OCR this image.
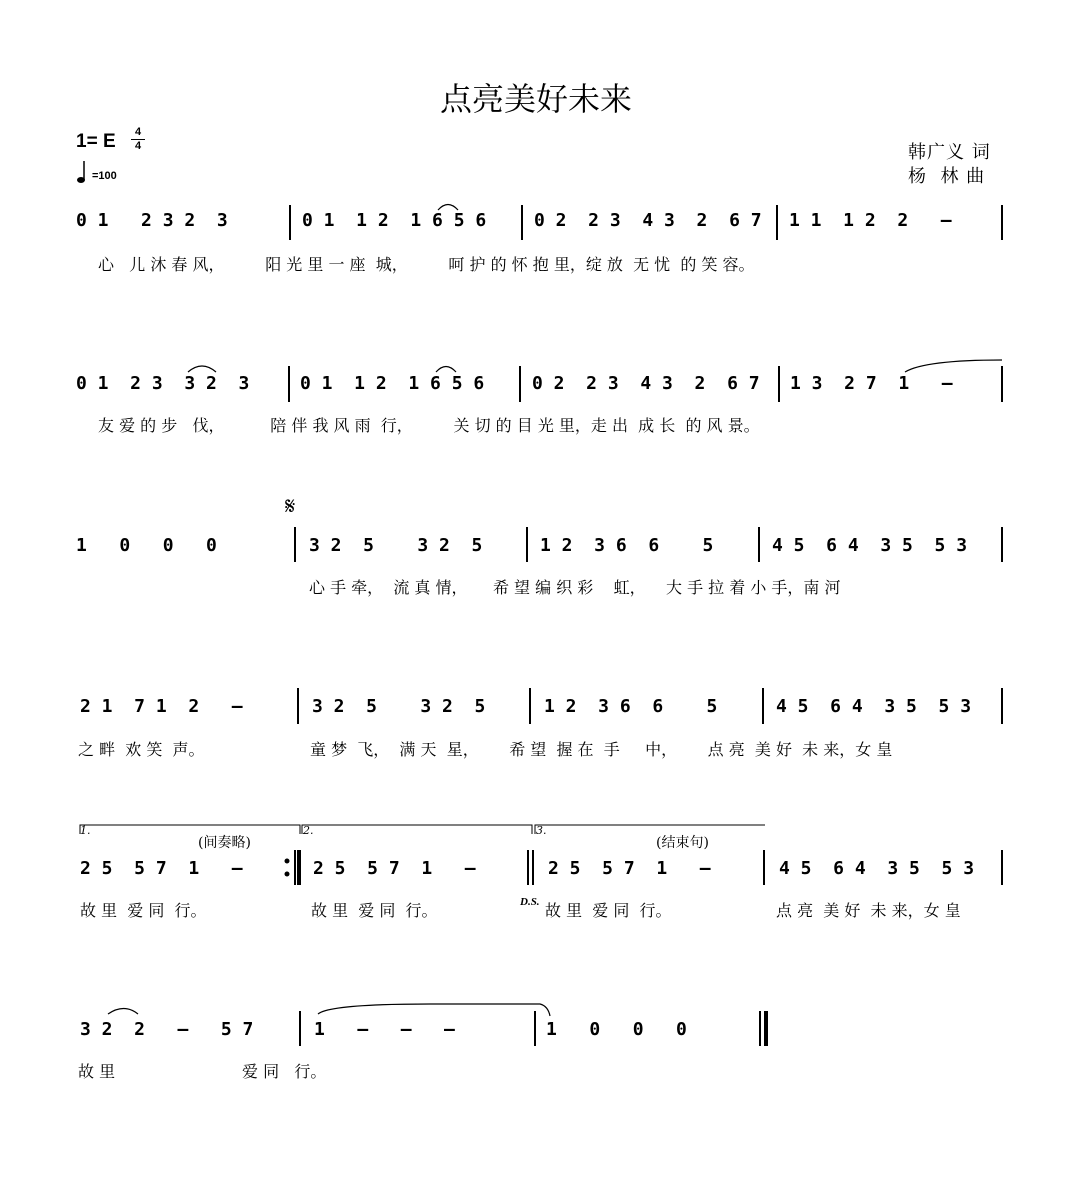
点亮美好未来
1= E	4
4
=100
韩广义 词
杨  林 曲
0 1   2 3 2  3	0 1  1 2  1 6 5 6	0 2  2 3  4 3  2  6 7 1 1  1 2  2   –
心   儿 沐 春 风，        阳 光 里 一 座  城，        呵 护 的 怀 抱 里，绽 放  无 忧  的 笑 容。
0 1  2 3  3 2  3	0 1  1 2  1 6 5 6	0 2  2 3  4 3  2  6 7 1 3  2 7  1   –
友 爱 的 步   伐，         陪 伴 我 风 雨  行，        关 切 的 目 光 里，走 出  成 长  的 风 景。
𝄋
1   0   0   0	3 2  5    3 2  5	1 2  3 6  6    5	4 5  6 4  3 5  5 3
心 手 牵，  流 真 情，     希 望 编 织 彩    虹，    大 手 拉 着 小 手，南 河
2 1  7 1  2   –	3 2  5    3 2  5	1 2  3 6  6    5	4 5  6 4  3 5  5 3
之 畔  欢 笑  声。	童 梦  飞，  满 天  星，      希 望  握 在  手     中，      点 亮  美 好  未 来，女 皇
1.	2.	3.
(间奏略)	(结束句)
2 5  5 7  1   –	2 5  5 7  1   –	2 5  5 7  1   –	4 5  6 4  3 5  5 3
D.S.
故 里  爱 同  行。	故 里  爱 同  行。	故 里  爱 同  行。	点 亮  美 好  未 来，女 皇
3 2  2   –   5 7	1   –   –   –	1   0   0   0
故 里	爱 同   行。
